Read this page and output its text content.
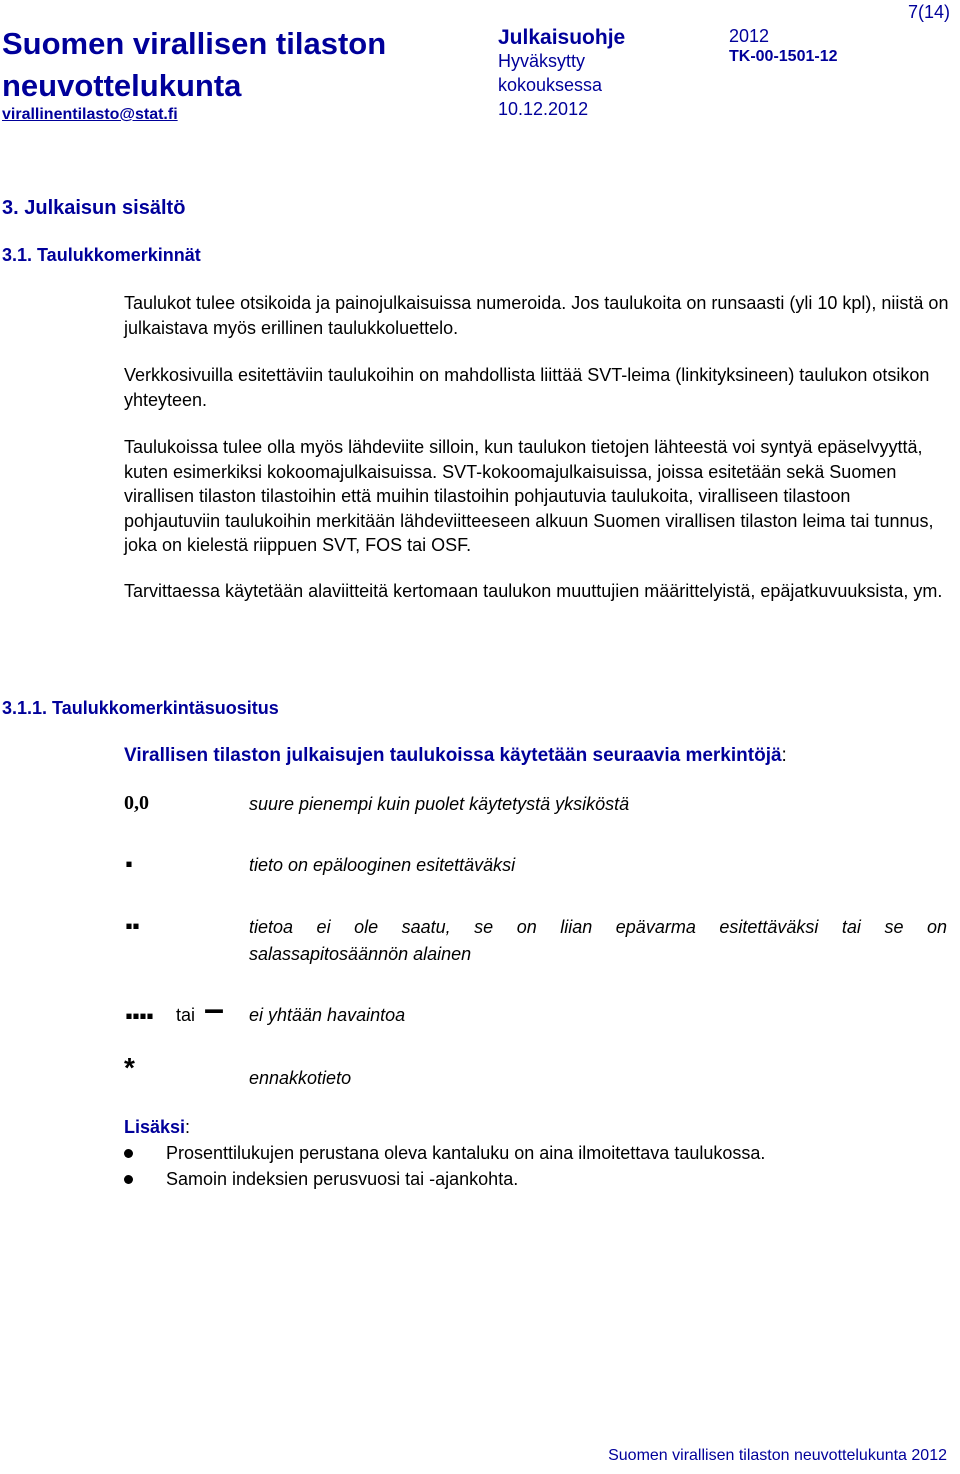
Suomen virallisen tilaston
neuvottelukunta
virallinentilasto@stat.fi
Julkaisuohje
Hyväksytty
kokouksessa
10.12.2012
2012
TK-00-1501-12
7(14)
3. Julkaisun sisältö
3.1. Taulukkomerkinnät

Taulukot tulee otsikoida ja painojulkaisuissa numeroida. Jos taulukoita on runsaasti (yli 10 kpl), niistä on julkaistava myös erillinen taulukkoluettelo.

Verkkosivuilla esitettäviin taulukoihin on mahdollista liittää SVT-leima (linkityksineen) taulukon otsikon yhteyteen.

Taulukoissa tulee olla myös lähdeviite silloin, kun taulukon tietojen lähteestä voi syntyä epäselvyyttä, kuten esimerkiksi kokoomajulkaisuissa. SVT-kokoomajulkaisuissa, joissa esitetään sekä Suomen virallisen tilaston tilastoihin että muihin tilastoihin pohjautuvia taulukoita, viralliseen tilastoon pohjautuviin taulukoihin merkitään lähdeviitteeseen alkuun Suomen virallisen tilaston leima tai tunnus, joka on kielestä riippuen SVT, FOS tai OSF.

Tarvittaessa käytetään alaviitteitä kertomaan taulukon muuttujien määrittelyistä, epäjatkuvuuksista, ym.

3.1.1. Taulukkomerkintäsuositus
Virallisen tilaston julkaisujen taulukoissa käytetään seuraavia merkintöjä:
0,0	suure pienempi kuin puolet käytetystä yksiköstä
.	tieto on epälooginen esitettäväksi
..	tietoa ei ole saatu, se on liian epävarma esitettäväksi tai se on
salassapitosäännön alainen
.... tai – ei yhtään havaintoa
*	ennakkotieto
Lisäksi:
Prosenttilukujen perustana oleva kantaluku on aina ilmoitettava taulukossa.
Samoin indeksien perusvuosi tai -ajankohta.
Suomen virallisen tilaston neuvottelukunta 2012
